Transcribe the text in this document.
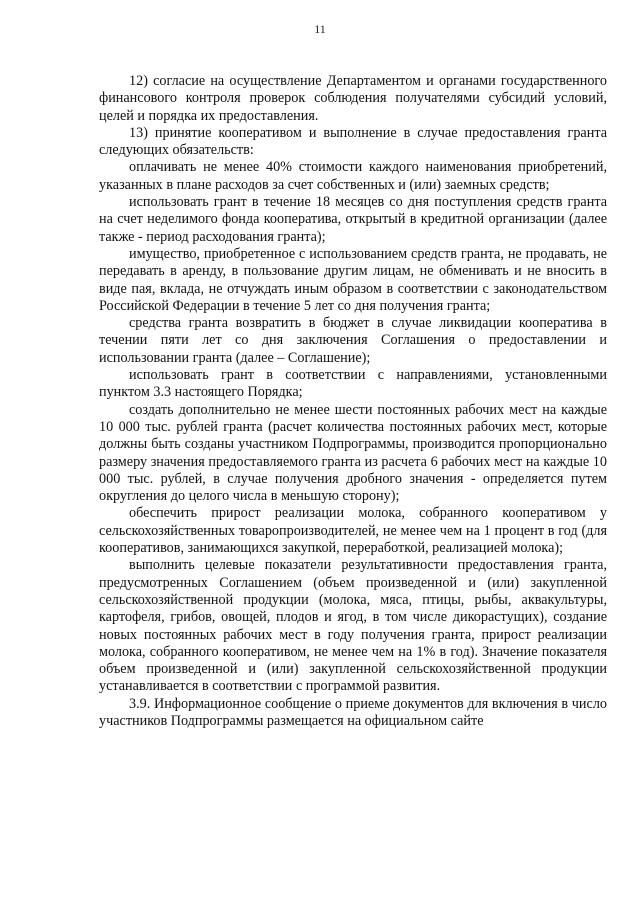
11

12) согласие на осуществление Департаментом и органами государственного финансового контроля проверок соблюдения получателями субсидий условий, целей и порядка их предоставления.

13) принятие кооперативом и выполнение в случае предоставления гранта следующих обязательств:

оплачивать не менее 40% стоимости каждого наименования приобретений, указанных в плане расходов за счет собственных и (или) заемных средств;

использовать грант в течение 18 месяцев со дня поступления средств гранта на счет неделимого фонда кооператива, открытый в кредитной организации (далее также - период расходования гранта);

имущество, приобретенное с использованием средств гранта, не продавать, не передавать в аренду, в пользование другим лицам, не обменивать и не вносить в виде пая, вклада, не отчуждать иным образом в соответствии с законодательством Российской Федерации в течение 5 лет со дня получения гранта;

средства гранта возвратить в бюджет в случае ликвидации кооператива в течении пяти лет со дня заключения Соглашения о предоставлении и использовании гранта (далее – Соглашение);

использовать грант в соответствии с направлениями, установленными пунктом 3.3 настоящего Порядка;

создать дополнительно не менее шести постоянных рабочих мест на каждые 10 000 тыс. рублей гранта (расчет количества постоянных рабочих мест, которые должны быть созданы участником Подпрограммы, производится пропорционально размеру значения предоставляемого гранта из расчета 6 рабочих мест на каждые 10 000 тыс. рублей, в случае получения дробного значения - определяется путем округления до целого числа в меньшую сторону);

обеспечить прирост реализации молока, собранного кооперативом у сельскохозяйственных товаропроизводителей, не менее чем на 1 процент в год (для кооперативов, занимающихся закупкой, переработкой, реализацией молока);

выполнить целевые показатели результативности предоставления гранта, предусмотренных Соглашением (объем произведенной и (или) закупленной сельскохозяйственной продукции (молока, мяса, птицы, рыбы, аквакультуры, картофеля, грибов, овощей, плодов и ягод, в том числе дикорастущих), создание новых постоянных рабочих мест в году получения гранта, прирост реализации молока, собранного кооперативом, не менее чем на 1% в год). Значение показателя объем произведенной и (или) закупленной сельскохозяйственной продукции устанавливается в соответствии с программой развития.

3.9. Информационное сообщение о приеме документов для включения в число участников Подпрограммы размещается на официальном сайте
